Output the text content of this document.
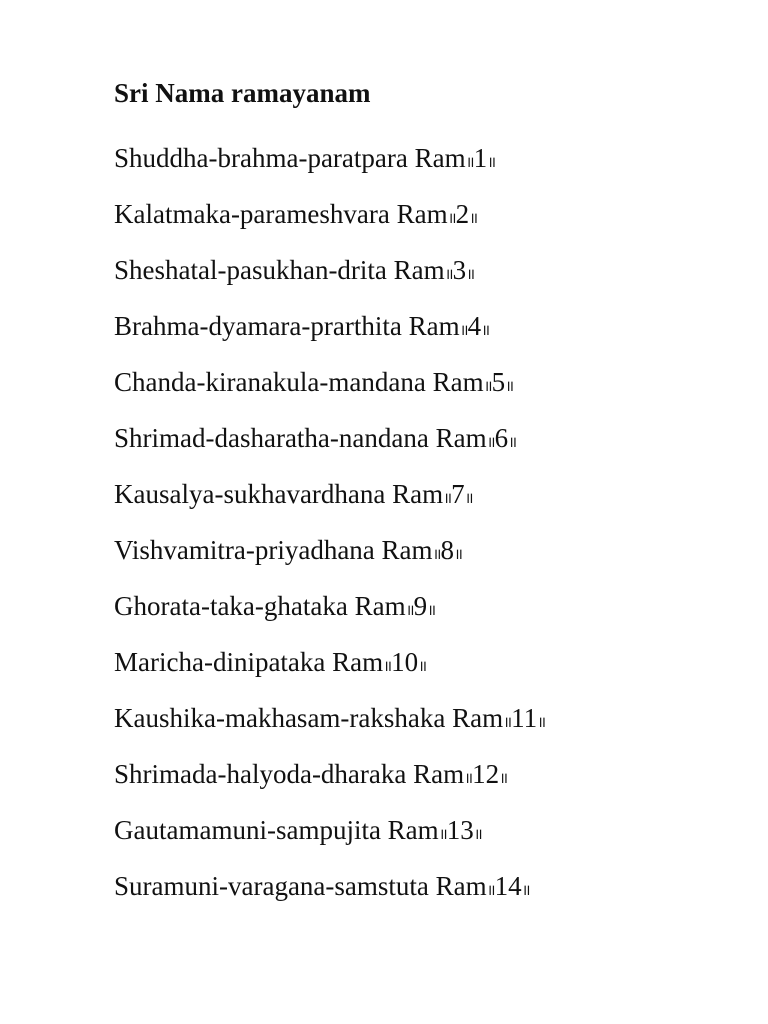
Sri Nama ramayanam
Shuddha-brahma-paratpara Ram॥1॥
Kalatmaka-parameshvara Ram॥2॥
Sheshatal-pasukhan-drita Ram॥3॥
Brahma-dyamara-prarthita Ram॥4॥
Chanda-kiranakula-mandana Ram॥5॥
Shrimad-dasharatha-nandana Ram॥6॥
Kausalya-sukhavardhana Ram॥7॥
Vishvamitra-priyadhana Ram॥8॥
Ghorata-taka-ghataka Ram॥9॥
Maricha-dinipataka Ram॥10॥
Kaushika-makhasam-rakshaka Ram॥11॥
Shrimada-halyoda-dharaka Ram॥12॥
Gautamamuni-sampujita Ram॥13॥
Suramuni-varagana-samstuta Ram॥14॥
